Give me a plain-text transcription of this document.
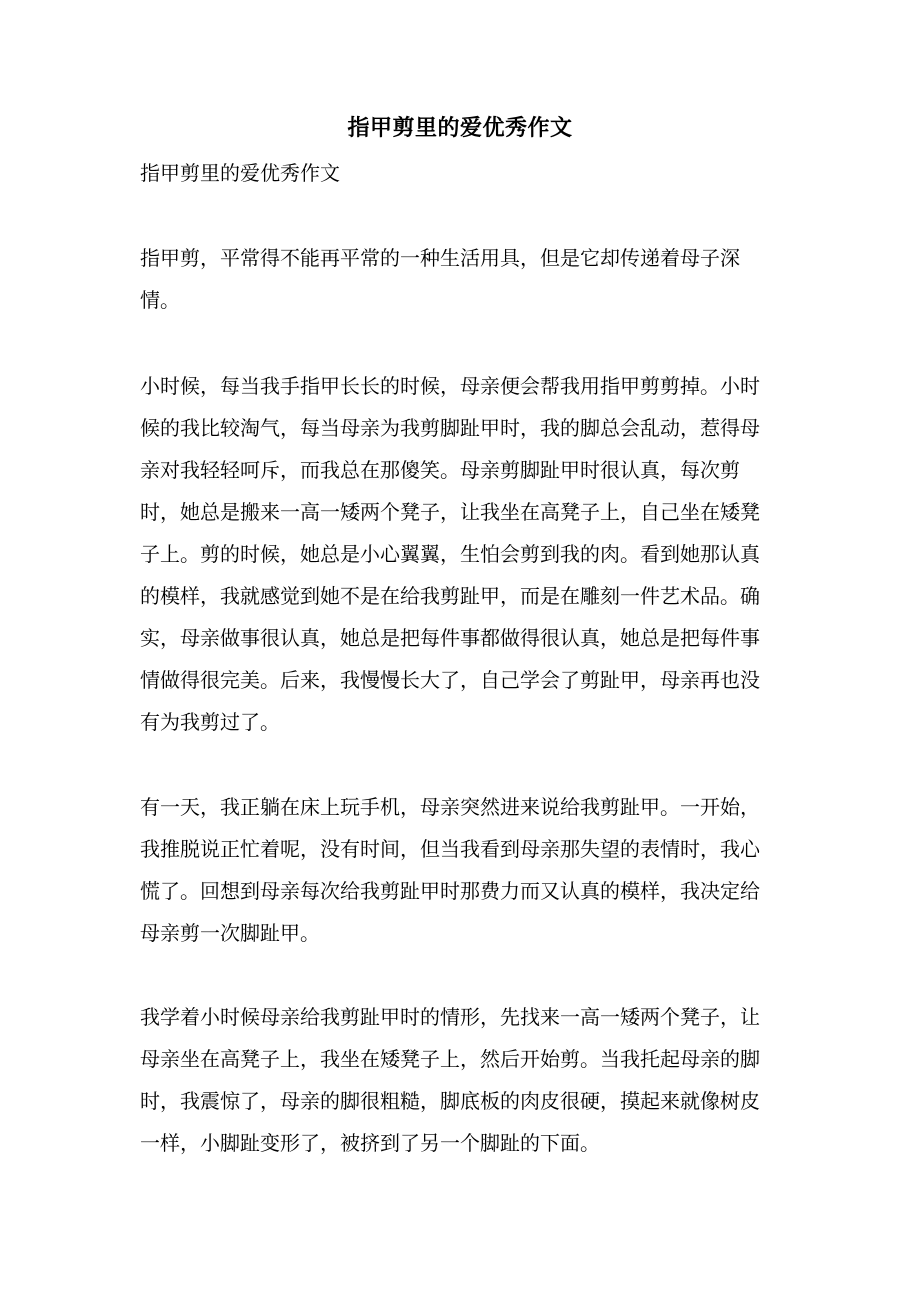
指甲剪里的爱优秀作文
指甲剪里的爱优秀作文
指甲剪，平常得不能再平常的一种生活用具，但是它却传递着母子深情。
小时候，每当我手指甲长长的时候，母亲便会帮我用指甲剪剪掉。小时候的我比较淘气，每当母亲为我剪脚趾甲时，我的脚总会乱动，惹得母亲对我轻轻呵斥，而我总在那傻笑。母亲剪脚趾甲时很认真，每次剪时，她总是搬来一高一矮两个凳子，让我坐在高凳子上，自己坐在矮凳子上。剪的时候，她总是小心翼翼，生怕会剪到我的肉。看到她那认真的模样，我就感觉到她不是在给我剪趾甲，而是在雕刻一件艺术品。确实，母亲做事很认真，她总是把每件事都做得很认真，她总是把每件事情做得很完美。后来，我慢慢长大了，自己学会了剪趾甲，母亲再也没有为我剪过了。
有一天，我正躺在床上玩手机，母亲突然进来说给我剪趾甲。一开始，我推脱说正忙着呢，没有时间，但当我看到母亲那失望的表情时，我心慌了。回想到母亲每次给我剪趾甲时那费力而又认真的模样，我决定给母亲剪一次脚趾甲。
我学着小时候母亲给我剪趾甲时的情形，先找来一高一矮两个凳子，让母亲坐在高凳子上，我坐在矮凳子上，然后开始剪。当我托起母亲的脚时，我震惊了，母亲的脚很粗糙，脚底板的肉皮很硬，摸起来就像树皮一样，小脚趾变形了，被挤到了另一个脚趾的下面。
